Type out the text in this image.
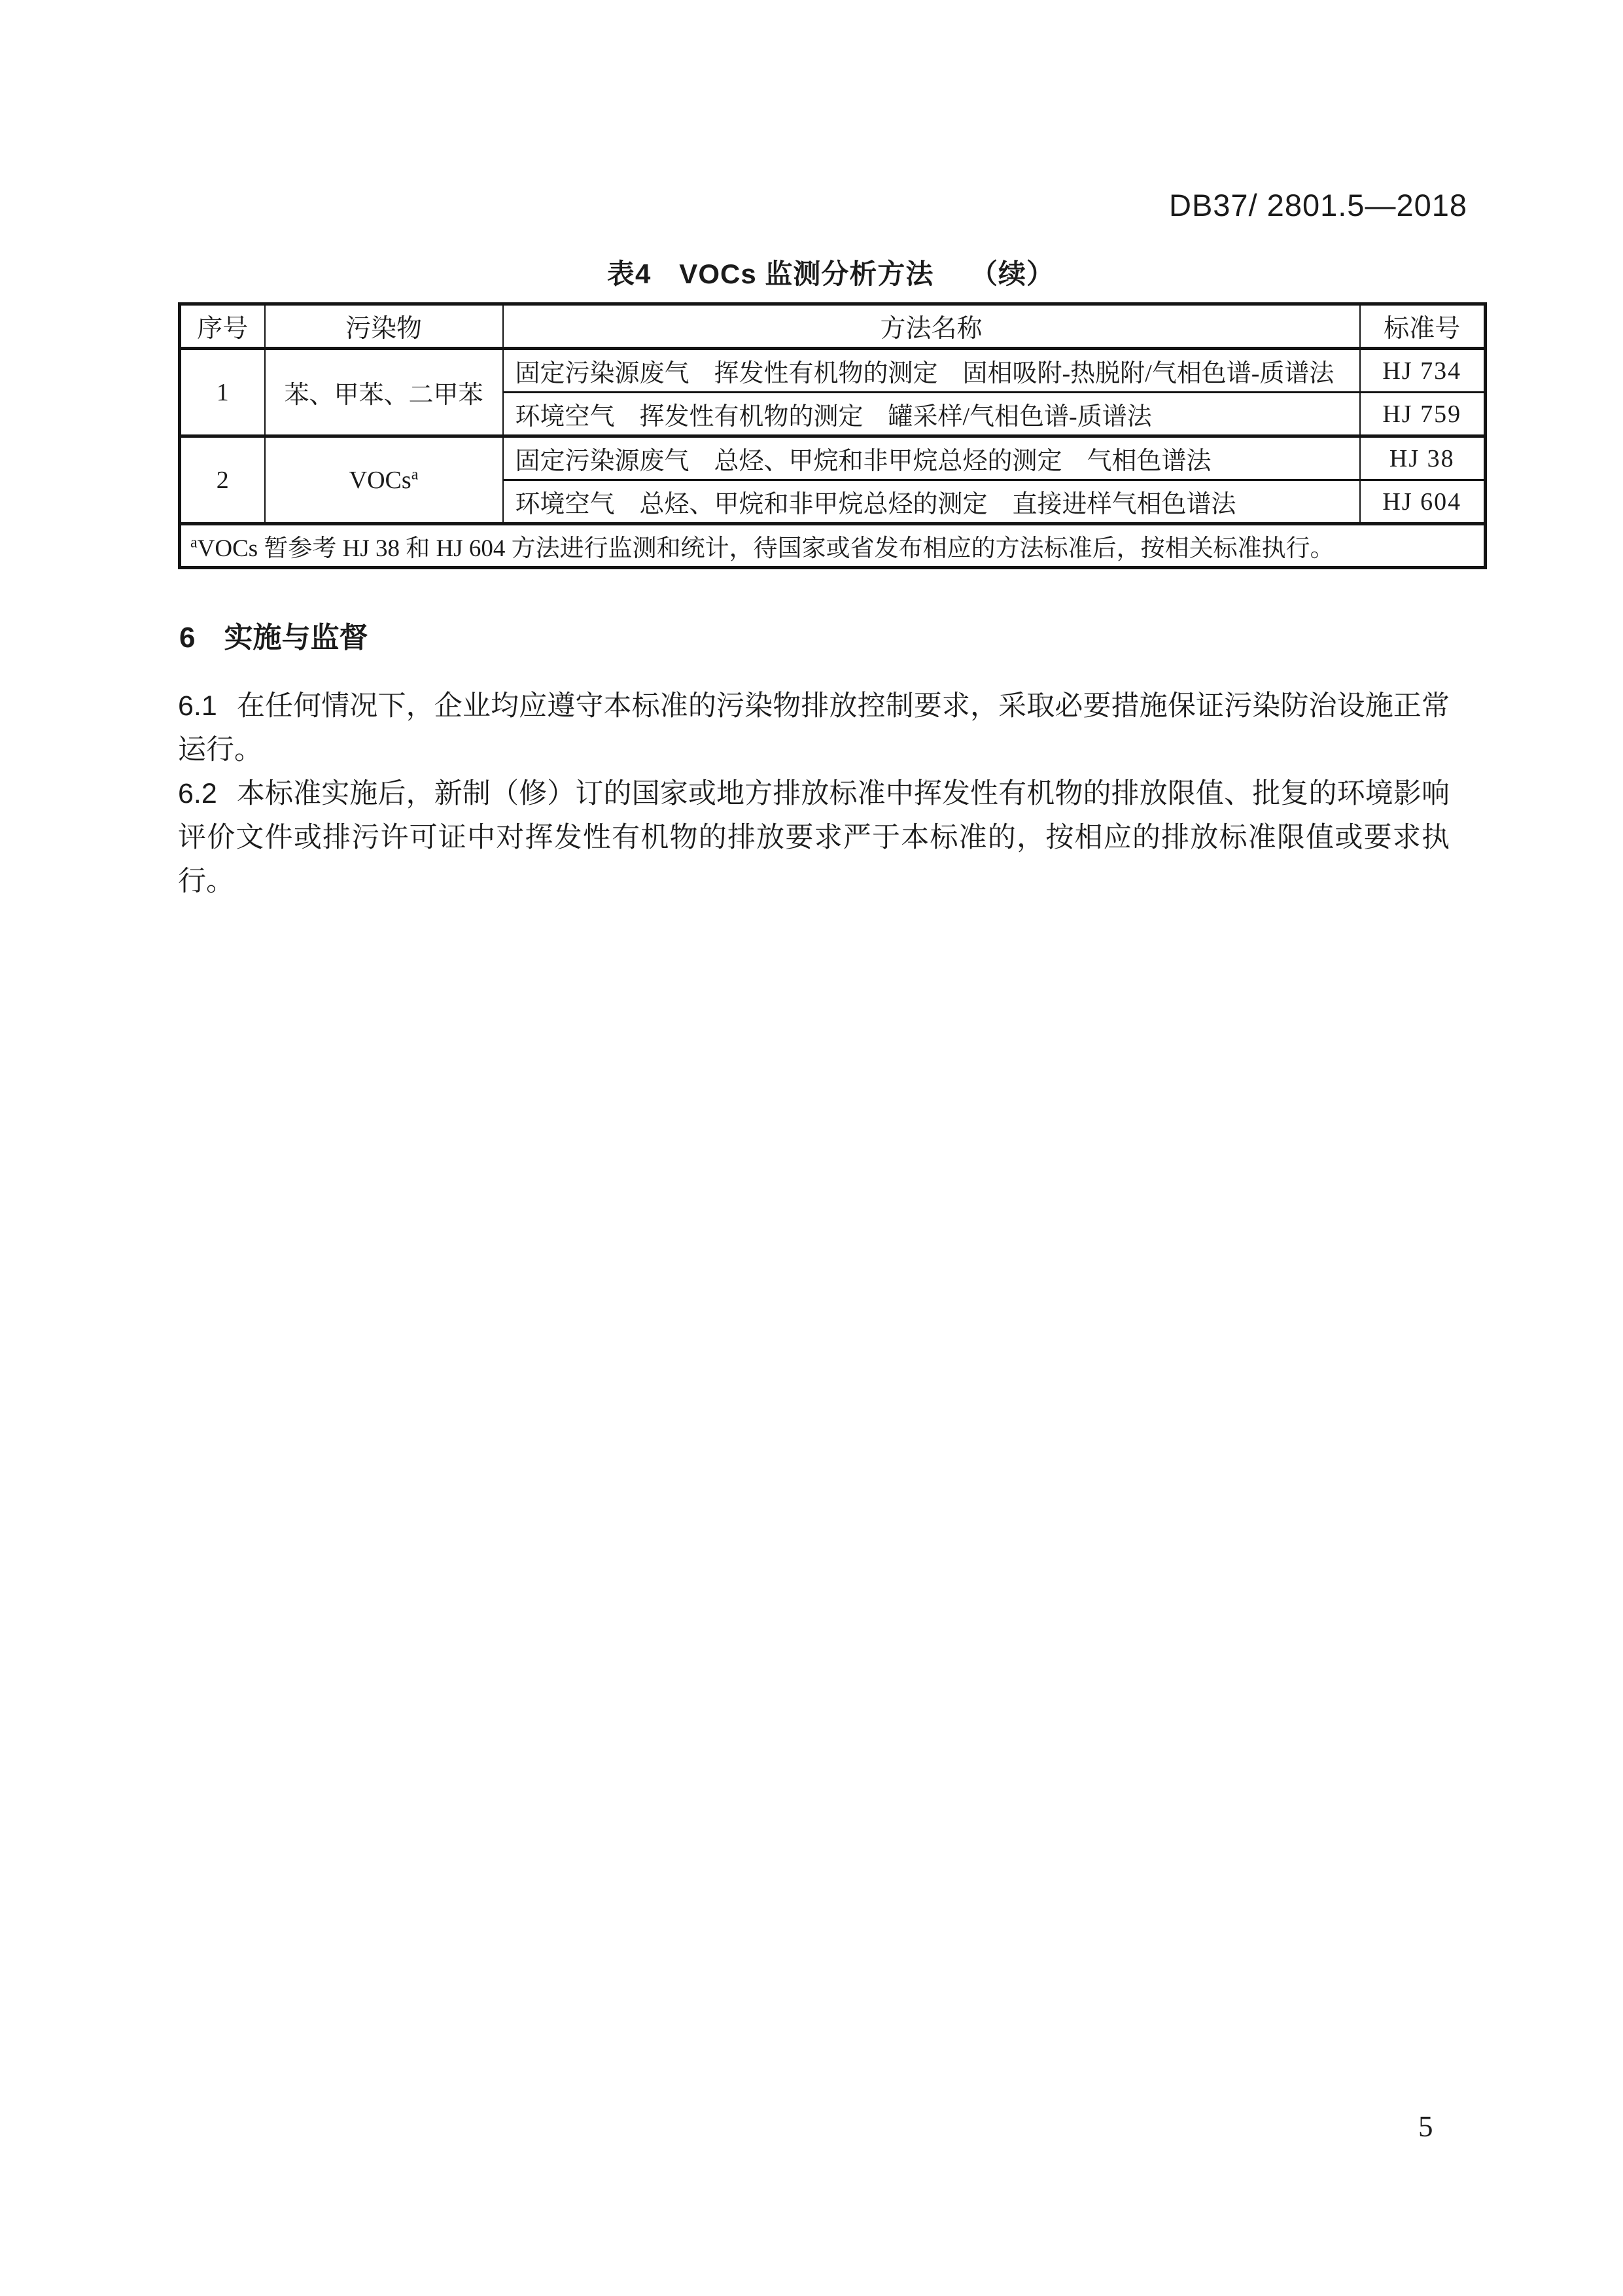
DB37/ 2801.5—2018
表4　VOCs 监测分析方法　 （续）
序号	污染物	方法名称	标准号
1	苯、甲苯、二甲苯	固定污染源废气　挥发性有机物的测定　固相吸附-热脱附/气相色谱-质谱法	HJ 734
		环境空气　挥发性有机物的测定　罐采样/气相色谱-质谱法	HJ 759
2	VOCs$^a$	固定污染源废气　总烃、甲烷和非甲烷总烃的测定　气相色谱法	HJ 38
		环境空气　总烃、甲烷和非甲烷总烃的测定　直接进样气相色谱法	HJ 604
$^a$VOCs 暂参考 HJ 38 和 HJ 604 方法进行监测和统计，待国家或省发布相应的方法标准后，按相关标准执行。			
6　实施与监督

6.1 在任何情况下，企业均应遵守本标准的污染物排放控制要求，采取必要措施保证污染防治设施正常运行。

6.2 本标准实施后，新制（修）订的国家或地方排放标准中挥发性有机物的排放限值、批复的环境影响评价文件或排污许可证中对挥发性有机物的排放要求严于本标准的，按相应的排放标准限值或要求执行。

5
